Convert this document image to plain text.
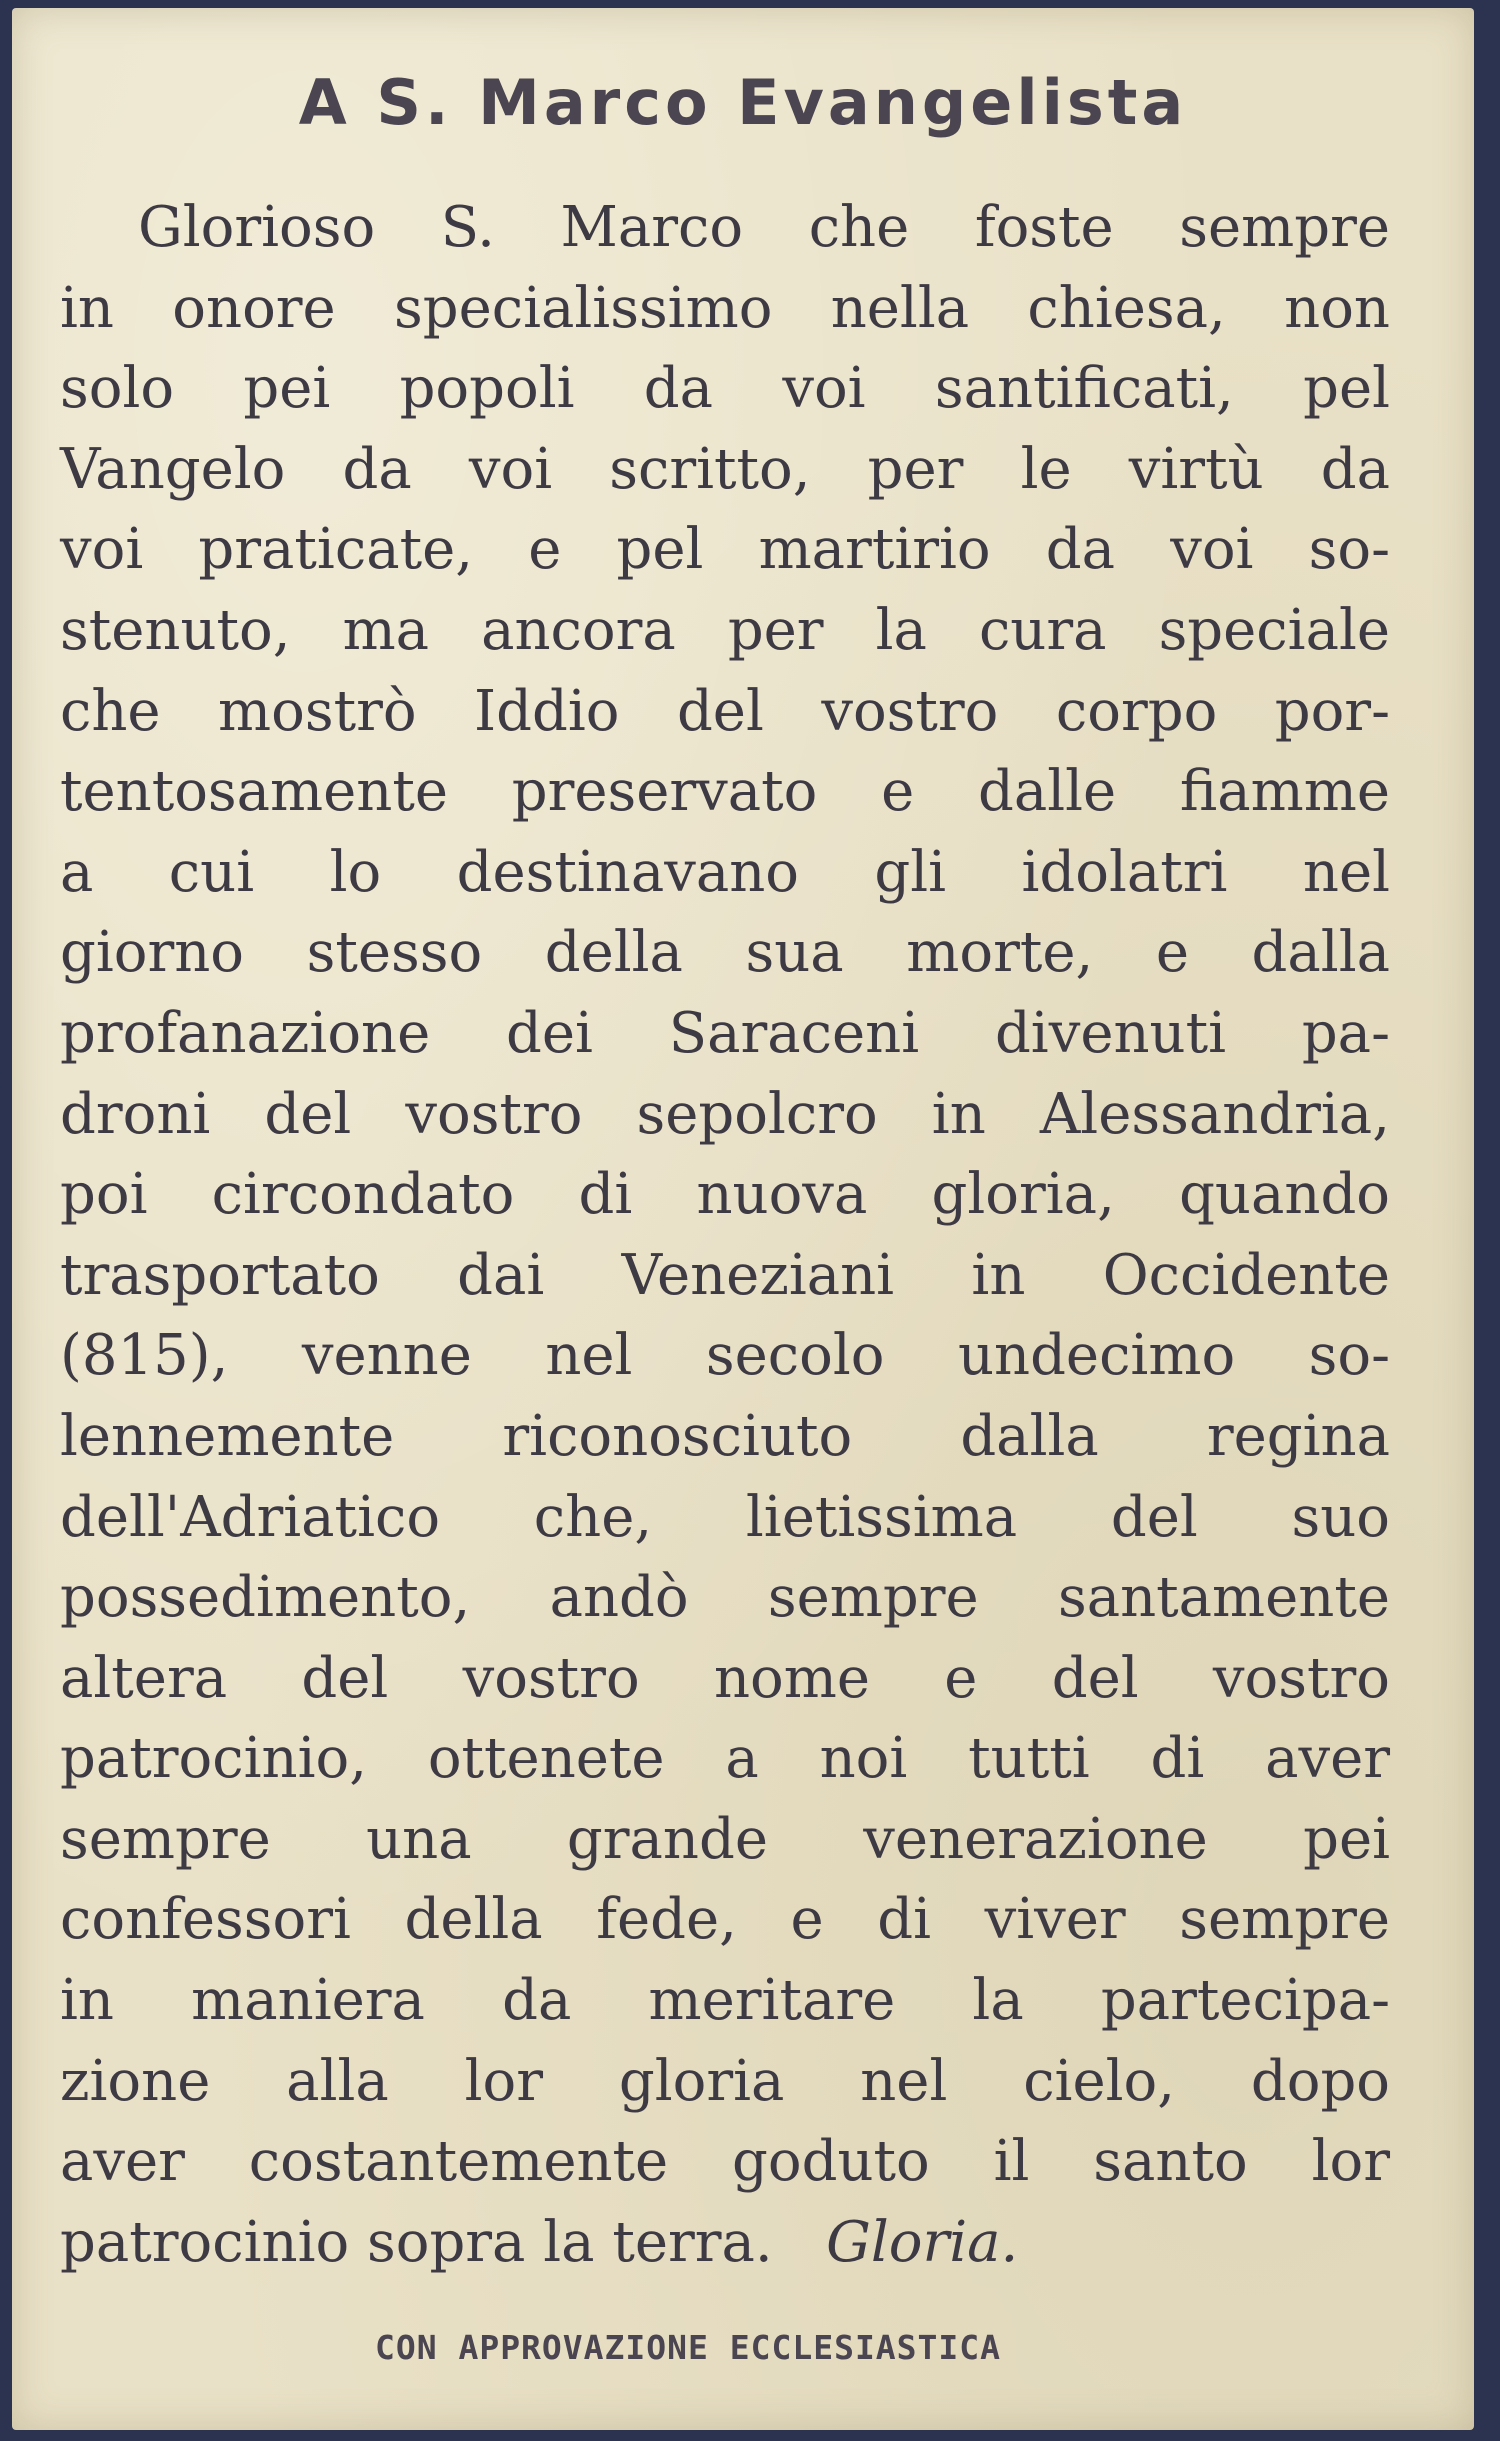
A S. Marco Evangelista
Glorioso S. Marco che foste sempre
in onore specialissimo nella chiesa, non
solo pei popoli da voi santificati, pel
Vangelo da voi scritto, per le virtù da
voi praticate, e pel martirio da voi so-
stenuto, ma ancora per la cura speciale
che mostrò Iddio del vostro corpo por-
tentosamente preservato e dalle fiamme
a cui lo destinavano gli idolatri nel
giorno stesso della sua morte, e dalla
profanazione dei Saraceni divenuti pa-
droni del vostro sepolcro in Alessandria,
poi circondato di nuova gloria, quando
trasportato dai Veneziani in Occidente
(815), venne nel secolo undecimo so-
lennemente riconosciuto dalla regina
dell'Adriatico che, lietissima del suo
possedimento, andò sempre santamente
altera del vostro nome e del vostro
patrocinio, ottenete a noi tutti di aver
sempre una grande venerazione pei
confessori della fede, e di viver sempre
in maniera da meritare la partecipa-
zione alla lor gloria nel cielo, dopo
aver costantemente goduto il santo lor
patrocinio sopra la terra. Gloria.
CON APPROVAZIONE ECCLESIASTICA
